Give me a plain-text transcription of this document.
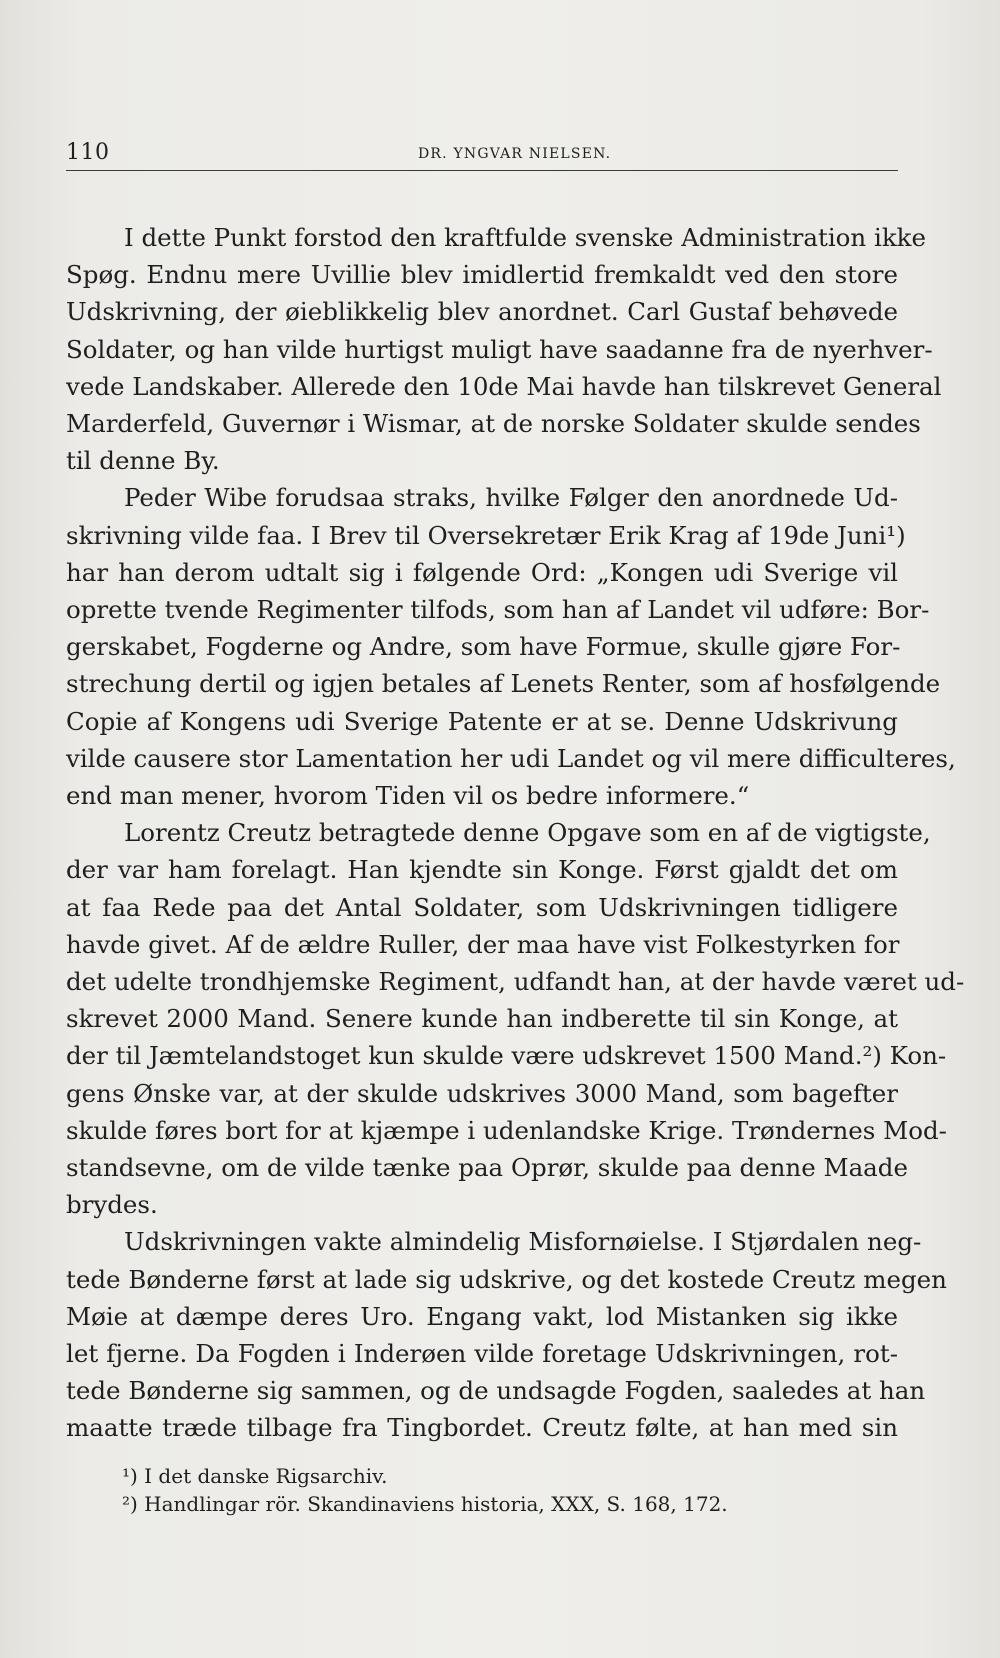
110	DR. YNGVAR NIELSEN.
I dette Punkt forstod den kraftfulde svenske Administration ikke
Spøg. Endnu mere Uvillie blev imidlertid fremkaldt ved den store
Udskrivning, der øieblikkelig blev anordnet. Carl Gustaf behøvede
Soldater, og han vilde hurtigst muligt have saadanne fra de nyerhver-
vede Landskaber. Allerede den 10de Mai havde han tilskrevet General
Marderfeld, Guvernør i Wismar, at de norske Soldater skulde sendes
til denne By.
Peder Wibe forudsaa straks, hvilke Følger den anordnede Ud-
skrivning vilde faa. I Brev til Oversekretær Erik Krag af 19de Juni¹)
har han derom udtalt sig i følgende Ord: „Kongen udi Sverige vil
oprette tvende Regimenter tilfods, som han af Landet vil udføre: Bor-
gerskabet, Fogderne og Andre, som have Formue, skulle gjøre For-
strechung dertil og igjen betales af Lenets Renter, som af hosfølgende
Copie af Kongens udi Sverige Patente er at se. Denne Udskrivung
vilde causere stor Lamentation her udi Landet og vil mere difficulteres,
end man mener, hvorom Tiden vil os bedre informere.“
Lorentz Creutz betragtede denne Opgave som en af de vigtigste,
der var ham forelagt. Han kjendte sin Konge. Først gjaldt det om
at faa Rede paa det Antal Soldater, som Udskrivningen tidligere
havde givet. Af de ældre Ruller, der maa have vist Folkestyrken for
det udelte trondhjemske Regiment, udfandt han, at der havde været ud-
skrevet 2000 Mand. Senere kunde han indberette til sin Konge, at
der til Jæmtelandstoget kun skulde være udskrevet 1500 Mand.²) Kon-
gens Ønske var, at der skulde udskrives 3000 Mand, som bagefter
skulde føres bort for at kjæmpe i udenlandske Krige. Trøndernes Mod-
standsevne, om de vilde tænke paa Oprør, skulde paa denne Maade
brydes.
Udskrivningen vakte almindelig Misfornøielse. I Stjørdalen neg-
tede Bønderne først at lade sig udskrive, og det kostede Creutz megen
Møie at dæmpe deres Uro. Engang vakt, lod Mistanken sig ikke
let fjerne. Da Fogden i Inderøen vilde foretage Udskrivningen, rot-
tede Bønderne sig sammen, og de undsagde Fogden, saaledes at han
maatte træde tilbage fra Tingbordet. Creutz følte, at han med sin
¹) I det danske Rigsarchiv.
²) Handlingar rör. Skandinaviens historia, XXX, S. 168, 172.
